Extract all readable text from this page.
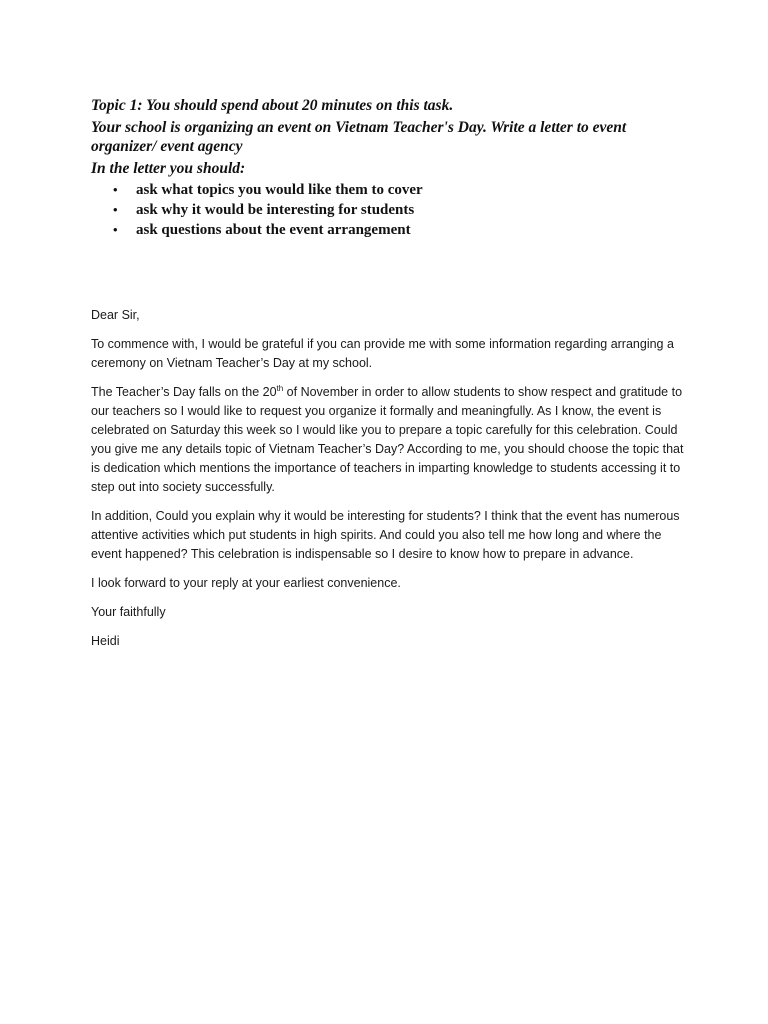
Topic 1: You should spend about 20 minutes on this task.

Your school is organizing an event on Vietnam Teacher's Day. Write a letter to event

organizer/ event agency

In the letter you should:

• ask what topics you would like them to cover
• ask why it would be interesting for students
• ask questions about the event arrangement

Dear Sir,

To commence with, I would be grateful if you can provide me with some information regarding arranging a ceremony on Vietnam Teacher’s Day at my school.

The Teacher’s Day falls on the 20th of November in order to allow students to show respect and gratitude to our teachers so I would like to request you organize it formally and meaningfully. As I know, the event is celebrated on Saturday this week so I would like you to prepare a topic carefully for this celebration. Could you give me any details topic of Vietnam Teacher’s Day? According to me, you should choose the topic that is dedication which mentions the importance of teachers in imparting knowledge to students accessing it to step out into society successfully.

In addition, Could you explain why it would be interesting for students? I think that the event has numerous attentive activities which put students in high spirits. And could you also tell me how long and where the event happened? This celebration is indispensable so I desire to know how to prepare in advance.

I look forward to your reply at your earliest convenience.

Your faithfully

Heidi
